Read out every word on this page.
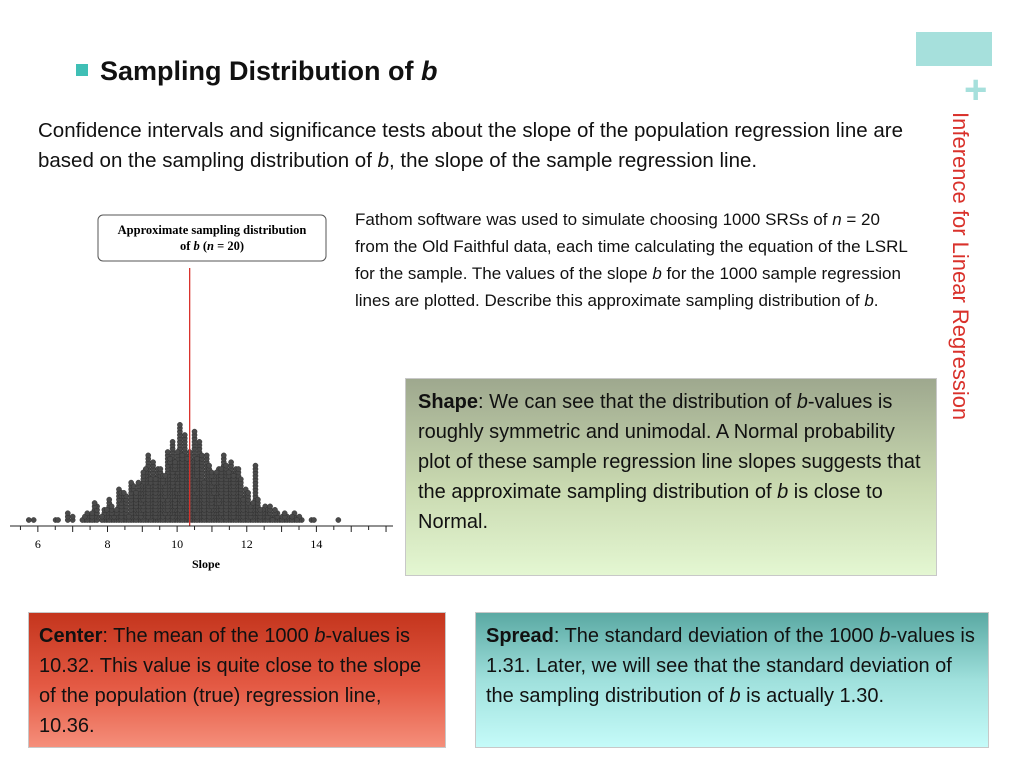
+
Inference for Linear Regression
Sampling Distribution of b
Confidence intervals and significance tests about the slope of the population regression line are based on the sampling distribution of b, the slope of the sample regression line.
Fathom software was used to simulate choosing 1000 SRSs of n = 20 from the Old Faithful data, each time calculating the equation of the LSRL for the sample. The values of the slope b for the 1000 sample regression lines are plotted. Describe this approximate sampling distribution of b.
Shape: We can see that the distribution of b-values is roughly symmetric and unimodal. A Normal probability plot of these sample regression line slopes suggests that the approximate sampling distribution of b is close to Normal.
Center: The mean of the 1000 b-values is 10.32. This value is quite close to the slope of the population (true) regression line, 10.36.
Spread: The standard deviation of the 1000 b-values is 1.31. Later, we will see that the standard deviation of the sampling distribution of b is actually 1.30.
Approximate sampling distribution
of b (n = 20)
6	8	10	12	14
Slope
